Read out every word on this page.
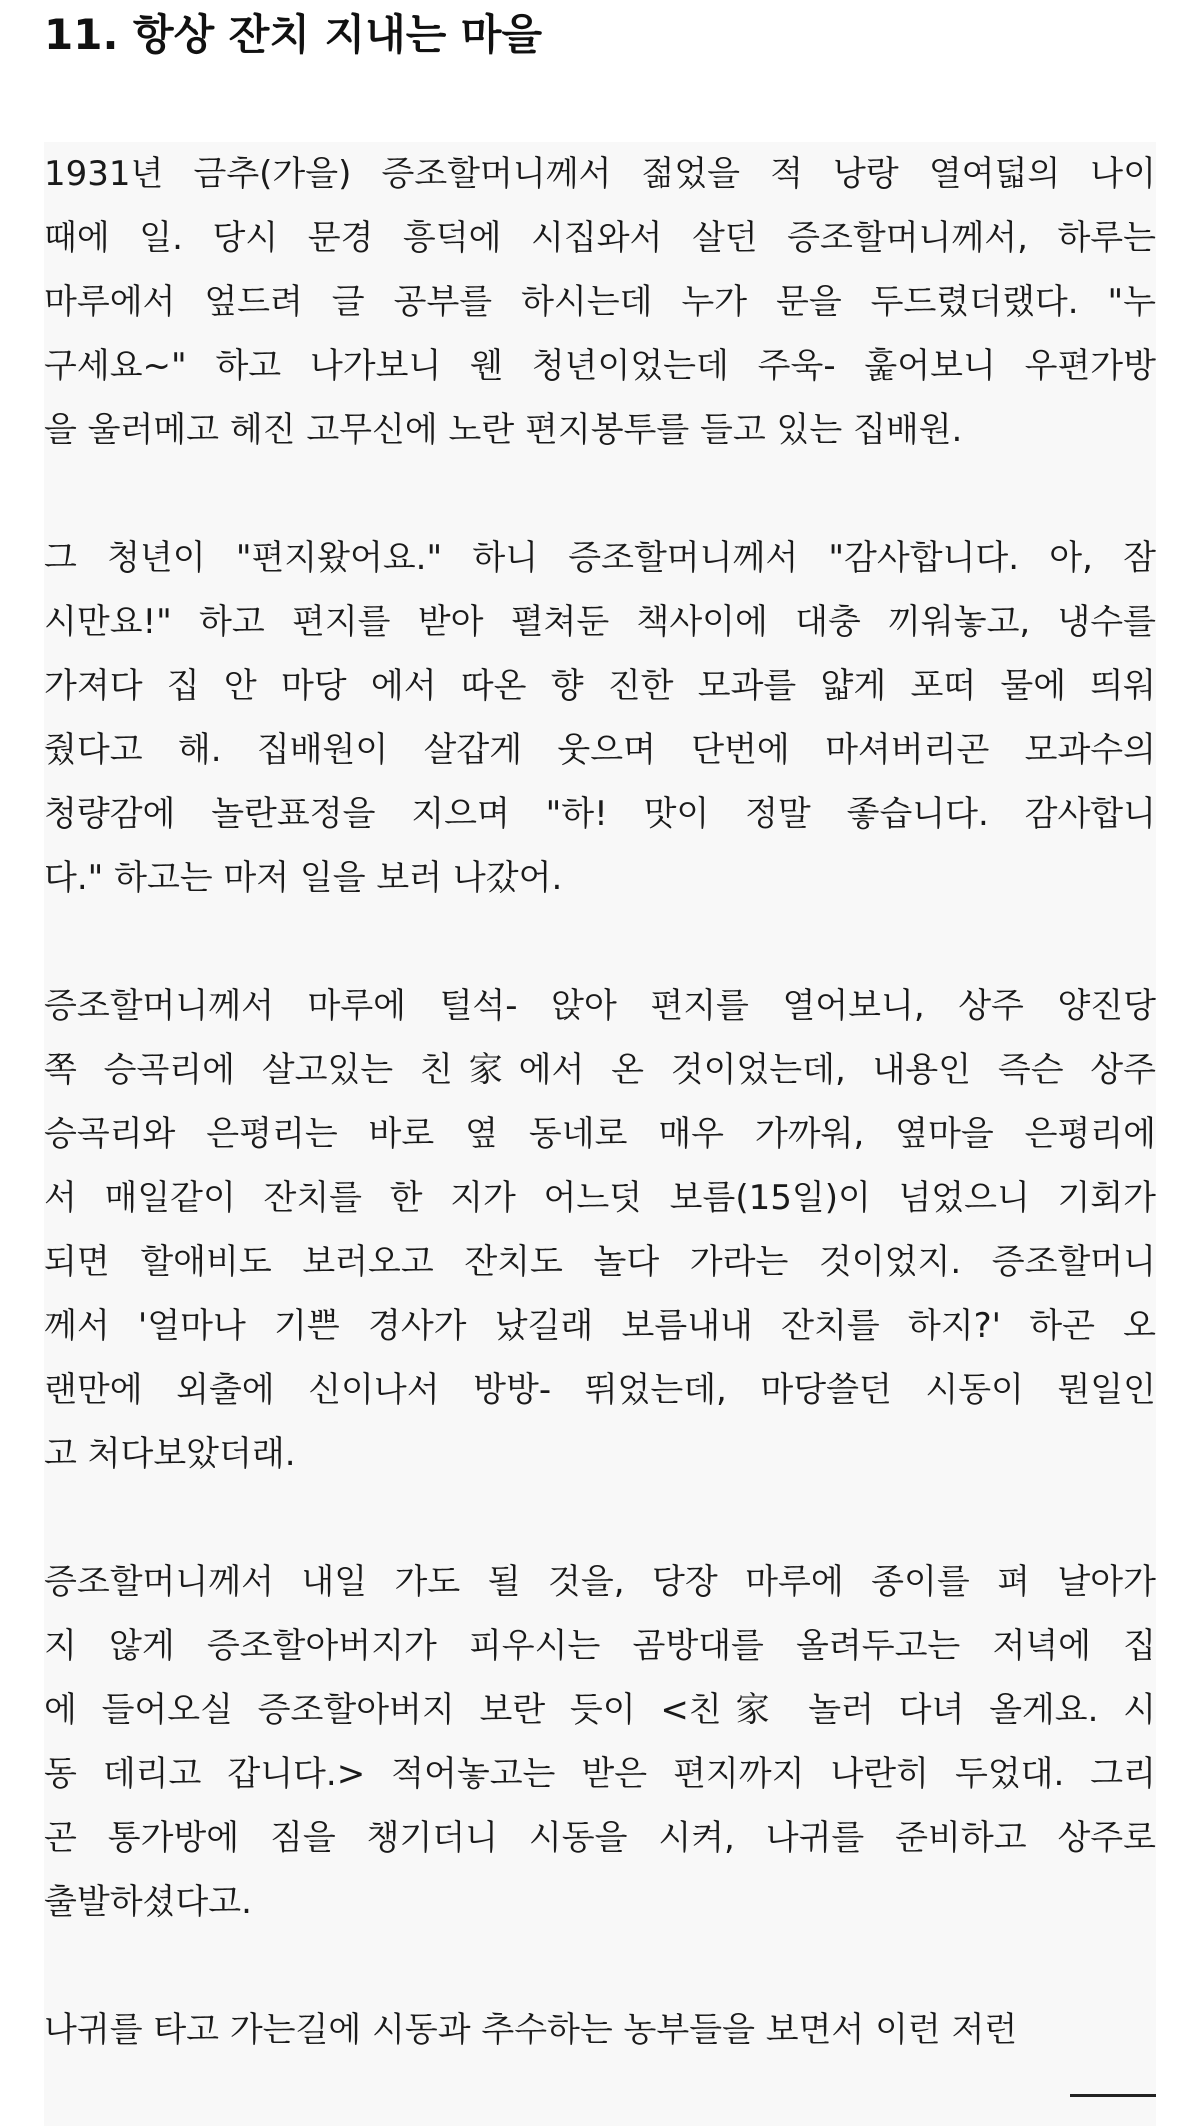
11. 항상 잔치 지내는 마을
1931년 금추(가을) 증조할머니께서 젊었을 적 낭랑 열여덟의 나이
때에 일. 당시 문경 흥덕에 시집와서 살던 증조할머니께서, 하루는
마루에서 엎드려 글 공부를 하시는데 누가 문을 두드렸더랬다. "누
구세요~" 하고 나가보니 웬 청년이었는데 주욱- 훑어보니 우편가방
을 울러메고 헤진 고무신에 노란 편지봉투를 들고 있는 집배원.
그 청년이 "편지왔어요." 하니 증조할머니께서 "감사합니다. 아, 잠
시만요!" 하고 편지를 받아 펼쳐둔 책사이에 대충 끼워놓고, 냉수를
가져다 집 안 마당 에서 따온 향 진한 모과를 얇게 포떠 물에 띄워
줬다고 해. 집배원이 살갑게 웃으며 단번에 마셔버리곤 모과수의
청량감에 놀란표정을 지으며 "하! 맛이 정말 좋습니다. 감사합니
다." 하고는 마저 일을 보러 나갔어.
증조할머니께서 마루에 털석- 앉아 편지를 열어보니, 상주 양진당
쪽 승곡리에 살고있는 친家에서 온 것이었는데, 내용인 즉슨 상주
승곡리와 은평리는 바로 옆 동네로 매우 가까워, 옆마을 은평리에
서 매일같이 잔치를 한 지가 어느덧 보름(15일)이 넘었으니 기회가
되면 할애비도 보러오고 잔치도 놀다 가라는 것이었지. 증조할머니
께서 '얼마나 기쁜 경사가 났길래 보름내내 잔치를 하지?' 하곤 오
랜만에 외출에 신이나서 방방- 뛰었는데, 마당쓸던 시동이 뭔일인
고 처다보았더래.
증조할머니께서 내일 가도 될 것을, 당장 마루에 종이를 펴 날아가
지 않게 증조할아버지가 피우시는 곰방대를 올려두고는 저녁에 집
에 들어오실 증조할아버지 보란 듯이 <친家 놀러 다녀 올게요. 시
동 데리고 갑니다.> 적어놓고는 받은 편지까지 나란히 두었대. 그리
곤 통가방에 짐을 챙기더니 시동을 시켜, 나귀를 준비하고 상주로
출발하셨다고.
나귀를 타고 가는길에 시동과 추수하는 농부들을 보면서 이런 저런
